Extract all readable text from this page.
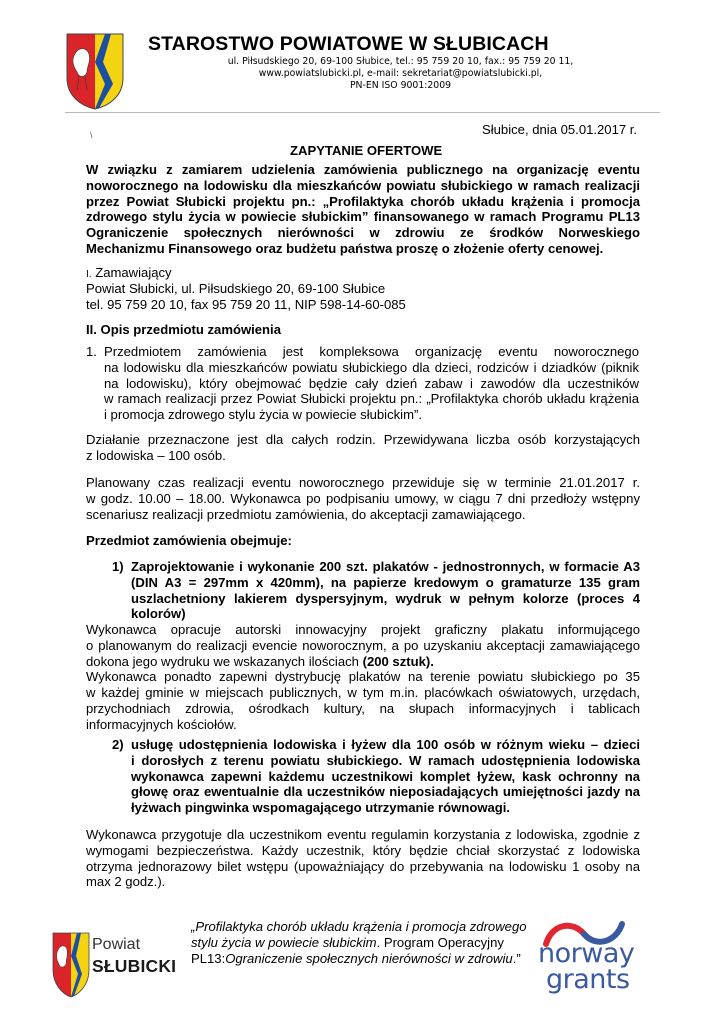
STAROSTWO POWIATOWE W SŁUBICACH
ul. Piłsudskiego 20, 69-100 Słubice, tel.: 95 759 20 10, fax.: 95 759 20 11,
www.powiatslubicki.pl, e-mail: sekretariat@powiatslubicki.pl,
PN-EN ISO 9001:2009
\	Słubice, dnia 05.01.2017 r.
ZAPYTANIE OFERTOWE
W związku z zamiarem udzielenia zamówienia publicznego na organizację eventu
noworocznego na lodowisku dla mieszkańców powiatu słubickiego w ramach realizacji
przez Powiat Słubicki projektu pn.: „Profilaktyka chorób układu krążenia i promocja
zdrowego stylu życia w powiecie słubickim” finansowanego w ramach Programu PL13
Ograniczenie społecznych nierówności w zdrowiu ze środków Norweskiego
Mechanizmu Finansowego oraz budżetu państwa proszę o złożenie oferty cenowej.
I. Zamawiający
Powiat Słubicki, ul. Piłsudskiego 20, 69-100 Słubice
tel. 95 759 20 10, fax 95 759 20 11, NIP 598-14-60-085
II. Opis przedmiotu zamówienia
1. Przedmiotem zamówienia jest kompleksowa organizację eventu noworocznego
na lodowisku dla mieszkańców powiatu słubickiego dla dzieci, rodziców i dziadków (piknik
na lodowisku), który obejmować będzie cały dzień zabaw i zawodów dla uczestników
w ramach realizacji przez Powiat Słubicki projektu pn.: „Profilaktyka chorób układu krążenia
i promocja zdrowego stylu życia w powiecie słubickim”.
Działanie przeznaczone jest dla całych rodzin. Przewidywana liczba osób korzystających
z lodowiska – 100 osób.
Planowany czas realizacji eventu noworocznego przewiduje się w terminie 21.01.2017 r.
w godz. 10.00 – 18.00. Wykonawca po podpisaniu umowy, w ciągu 7 dni przedłoży wstępny
scenariusz realizacji przedmiotu zamówienia, do akceptacji zamawiającego.
Przedmiot zamówienia obejmuje:
1) Zaprojektowanie i wykonanie 200 szt. plakatów - jednostronnych, w formacie A3
(DIN A3 = 297mm x 420mm), na papierze kredowym o gramaturze 135 gram
uszlachetniony lakierem dyspersyjnym, wydruk w pełnym kolorze (proces 4
kolorów)
Wykonawca opracuje autorski innowacyjny projekt graficzny plakatu informującego
o planowanym do realizacji evencie noworocznym, a po uzyskaniu akceptacji zamawiającego
dokona jego wydruku we wskazanych ilościach (200 sztuk).
Wykonawca ponadto zapewni dystrybucję plakatów na terenie powiatu słubickiego po 35
w każdej gminie w miejscach publicznych, w tym m.in. placówkach oświatowych, urzędach,
przychodniach zdrowia, ośrodkach kultury, na słupach informacyjnych i tablicach
informacyjnych kościołów.
2) usługę udostępnienia lodowiska i łyżew dla 100 osób w różnym wieku – dzieci
i dorosłych z terenu powiatu słubickiego. W ramach udostępnienia lodowiska
wykonawca zapewni każdemu uczestnikowi komplet łyżew, kask ochronny na
głowę oraz ewentualnie dla uczestników nieposiadających umiejętności jazdy na
łyżwach pingwinka wspomagającego utrzymanie równowagi.
Wykonawca przygotuje dla uczestnikom eventu regulamin korzystania z lodowiska, zgodnie z
wymogami bezpieczeństwa. Każdy uczestnik, który będzie chciał skorzystać z lodowiska
otrzyma jednorazowy bilet wstępu (upoważniający do przebywania na lodowisku 1 osoby na
max 2 godz.).
Powiat
SŁUBICKI
„Profilaktyka chorób układu krążenia i promocja zdrowego
stylu życia w powiecie słubickim. Program Operacyjny
PL13:Ograniczenie społecznych nierówności w zdrowiu.” norway
grants
